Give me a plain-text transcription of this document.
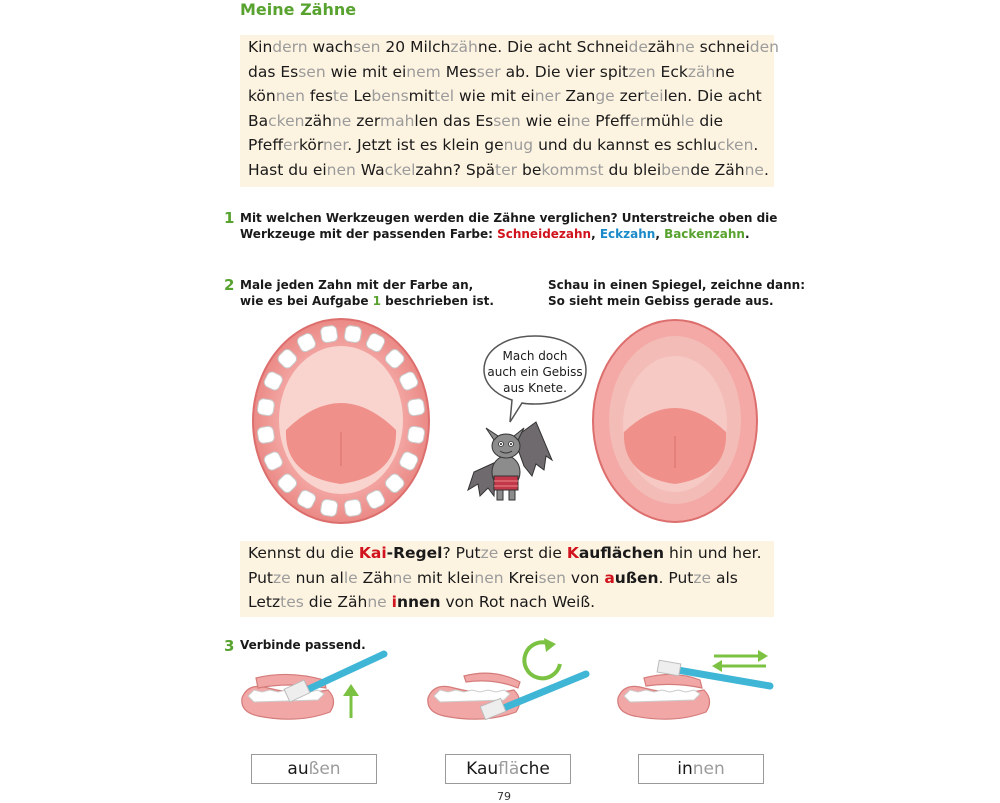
Meine Zähne
Kindern wachsen 20 Milchzähne. Die acht Schneidezähne schneiden
das Essen wie mit einem Messer ab. Die vier spitzen Eckzähne
können feste Lebensmittel wie mit einer Zange zerteilen. Die acht
Backenzähne zermahlen das Essen wie eine Pfeffermühle die
Pfefferkörner. Jetzt ist es klein genug und du kannst es schlucken.
Hast du einen Wackelzahn? Später bekommst du bleibende Zähne.
1 Mit welchen Werkzeugen werden die Zähne verglichen? Unterstreiche oben die
Werkzeuge mit der passenden Farbe: Schneidezahn, Eckzahn, Backenzahn.
2 Male jeden Zahn mit der Farbe an,
wie es bei Aufgabe 1 beschrieben ist.
Schau in einen Spiegel, zeichne dann:
So sieht mein Gebiss gerade aus.
Mach doch
auch ein Gebiss
aus Knete.
Kennst du die Kai-Regel? Putze erst die Kauflächen hin und her.
Putze nun alle Zähne mit kleinen Kreisen von außen. Putze als
Letztes die Zähne innen von Rot nach Weiß.
3 Verbinde passend.
außen	Kaufläche	innen
79
